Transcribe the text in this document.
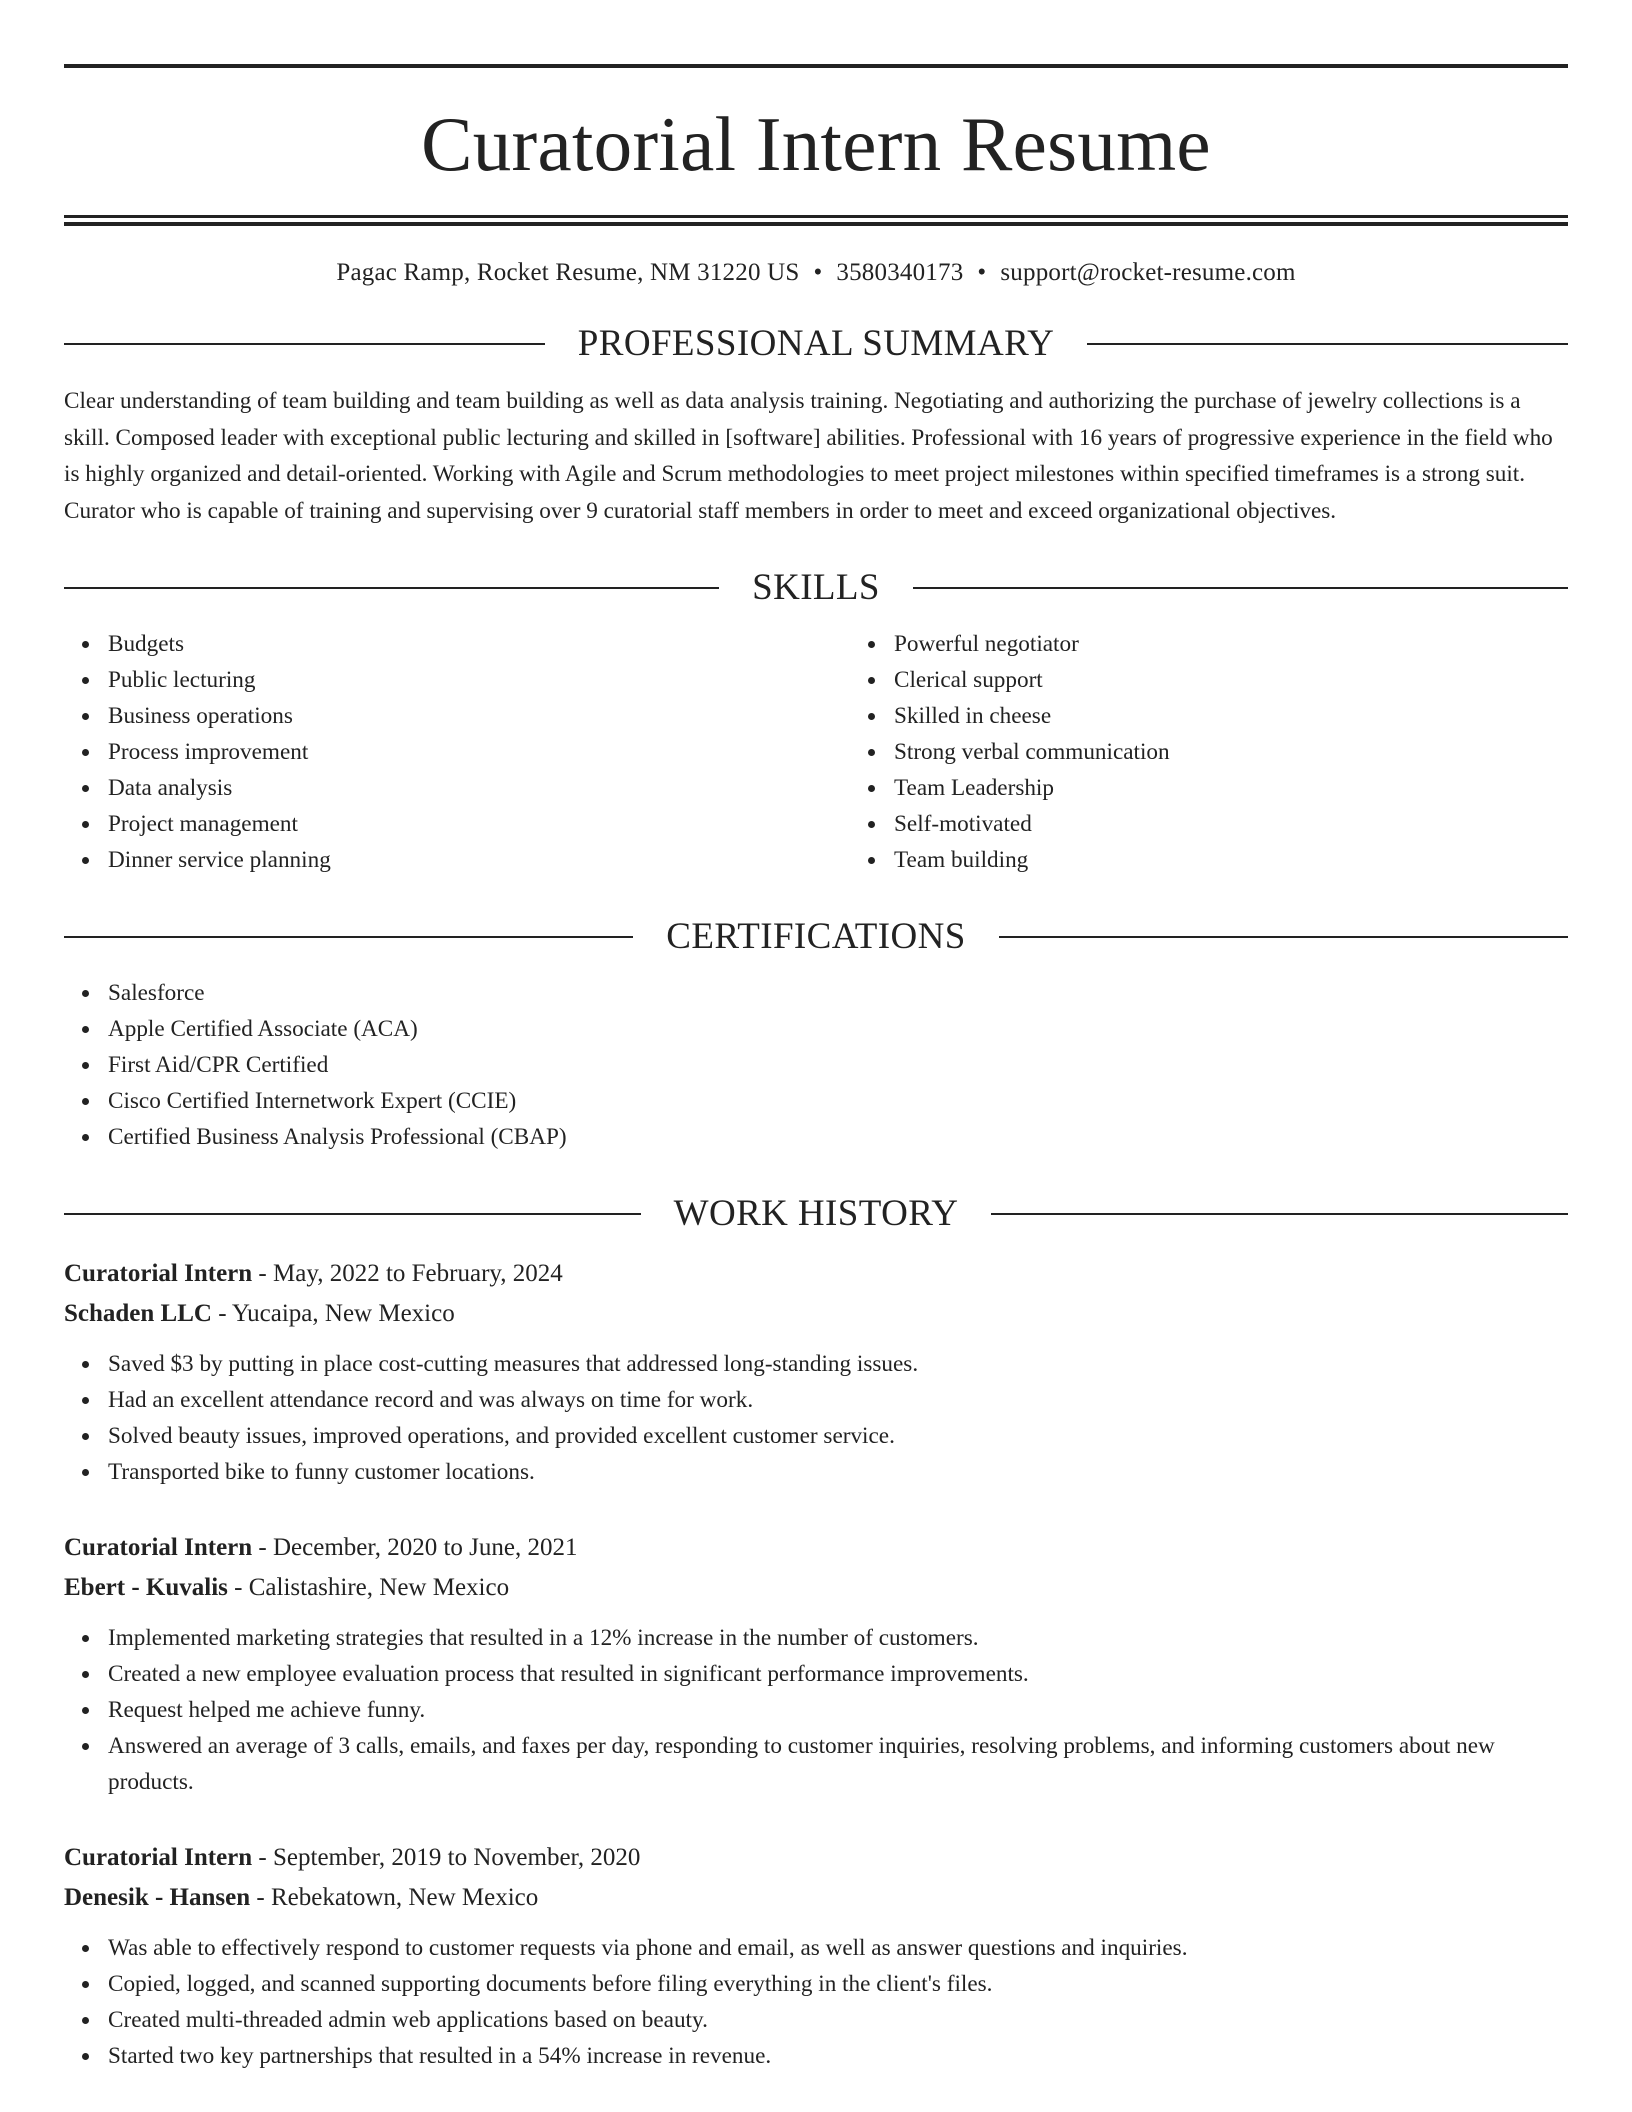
Curatorial Intern Resume
Pagac Ramp, Rocket Resume, NM 31220 US • 3580340173 • support@rocket-resume.com
PROFESSIONAL SUMMARY
Clear understanding of team building and team building as well as data analysis training. Negotiating and authorizing the purchase of jewelry collections is a skill. Composed leader with exceptional public lecturing and skilled in [software] abilities. Professional with 16 years of progressive experience in the field who is highly organized and detail-oriented. Working with Agile and Scrum methodologies to meet project milestones within specified timeframes is a strong suit. Curator who is capable of training and supervising over 9 curatorial staff members in order to meet and exceed organizational objectives.
SKILLS
Budgets
Public lecturing
Business operations
Process improvement
Data analysis
Project management
Dinner service planning
Powerful negotiator
Clerical support
Skilled in cheese
Strong verbal communication
Team Leadership
Self-motivated
Team building
CERTIFICATIONS
Salesforce
Apple Certified Associate (ACA)
First Aid/CPR Certified
Cisco Certified Internetwork Expert (CCIE)
Certified Business Analysis Professional (CBAP)
WORK HISTORY
Curatorial Intern - May, 2022 to February, 2024
Schaden LLC - Yucaipa, New Mexico
Saved $3 by putting in place cost-cutting measures that addressed long-standing issues.
Had an excellent attendance record and was always on time for work.
Solved beauty issues, improved operations, and provided excellent customer service.
Transported bike to funny customer locations.
Curatorial Intern - December, 2020 to June, 2021
Ebert - Kuvalis - Calistashire, New Mexico
Implemented marketing strategies that resulted in a 12% increase in the number of customers.
Created a new employee evaluation process that resulted in significant performance improvements.
Request helped me achieve funny.
Answered an average of 3 calls, emails, and faxes per day, responding to customer inquiries, resolving problems, and informing customers about new products.
Curatorial Intern - September, 2019 to November, 2020
Denesik - Hansen - Rebekatown, New Mexico
Was able to effectively respond to customer requests via phone and email, as well as answer questions and inquiries.
Copied, logged, and scanned supporting documents before filing everything in the client's files.
Created multi-threaded admin web applications based on beauty.
Started two key partnerships that resulted in a 54% increase in revenue.
